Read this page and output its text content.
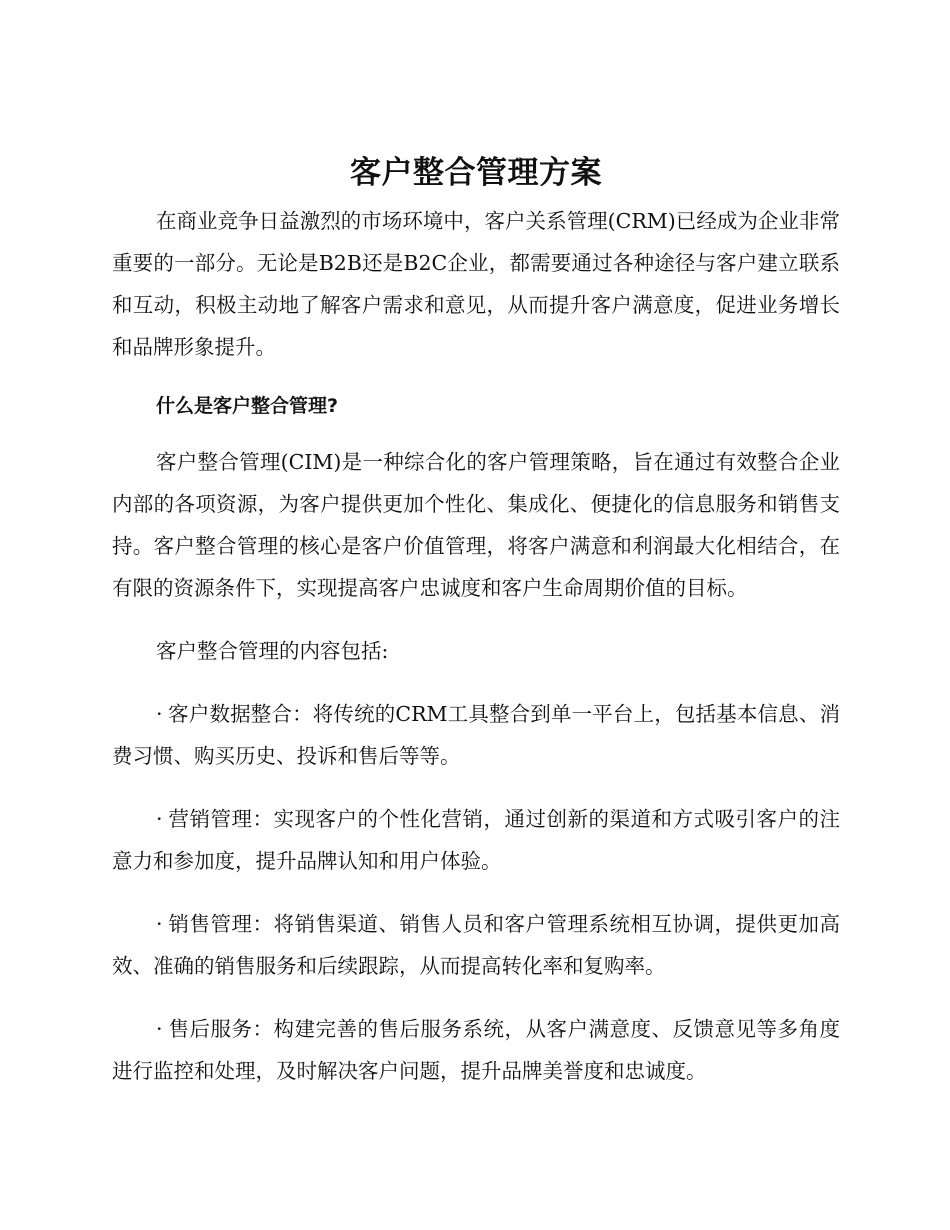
客户整合管理方案

在商业竞争日益激烈的市场环境中，客户关系管理(CRM)已经成为企业非常重要的一部分。无论是B2B还是B2C企业，都需要通过各种途径与客户建立联系和互动，积极主动地了解客户需求和意见，从而提升客户满意度，促进业务增长和品牌形象提升。

什么是客户整合管理?

客户整合管理(CIM)是一种综合化的客户管理策略，旨在通过有效整合企业内部的各项资源，为客户提供更加个性化、集成化、便捷化的信息服务和销售支持。客户整合管理的核心是客户价值管理，将客户满意和利润最大化相结合，在有限的资源条件下，实现提高客户忠诚度和客户生命周期价值的目标。

客户整合管理的内容包括:

· 客户数据整合：将传统的CRM工具整合到单一平台上，包括基本信息、消费习惯、购买历史、投诉和售后等等。
· 营销管理：实现客户的个性化营销，通过创新的渠道和方式吸引客户的注意力和参加度，提升品牌认知和用户体验。
· 销售管理：将销售渠道、销售人员和客户管理系统相互协调，提供更加高效、准确的销售服务和后续跟踪，从而提高转化率和复购率。
· 售后服务：构建完善的售后服务系统，从客户满意度、反馈意见等多角度进行监控和处理，及时解决客户问题，提升品牌美誉度和忠诚度。
